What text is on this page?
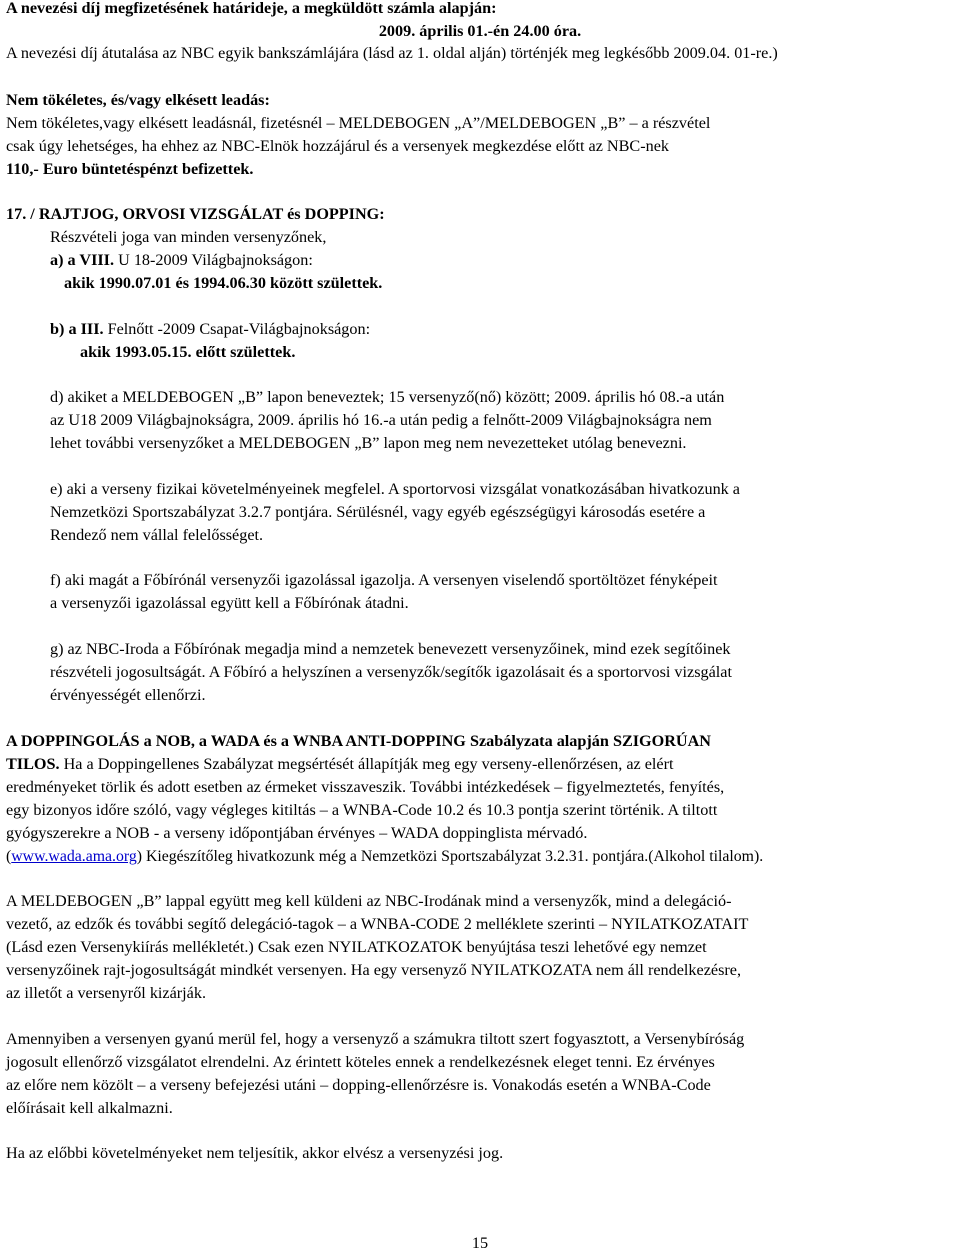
A nevezési díj megfizetésének határideje, a megküldött számla alapján:
2009. április 01.-én 24.00 óra.
A nevezési díj átutalása az NBC egyik bankszámlájára (lásd az 1. oldal alján) történjék meg legkésőbb 2009.04. 01-re.)
Nem tökéletes, és/vagy elkésett leadás:
Nem tökéletes,vagy elkésett leadásnál, fizetésnél – MELDEBOGEN „A”/MELDEBOGEN „B” – a részvétel
csak úgy lehetséges, ha ehhez az NBC-Elnök hozzájárul és a versenyek megkezdése előtt az NBC-nek
110,- Euro büntetéspénzt befizettek.
17. / RAJTJOG, ORVOSI VIZSGÁLAT és DOPPING:
Részvételi joga van minden versenyzőnek,
a) a VIII. U 18-2009 Világbajnokságon:
akik 1990.07.01 és 1994.06.30 között születtek.
b) a III. Felnőtt -2009 Csapat-Világbajnokságon:
akik 1993.05.15. előtt születtek.
d) akiket a MELDEBOGEN „B” lapon beneveztek; 15 versenyző(nő) között; 2009. április hó 08.-a után
az U18 2009 Világbajnokságra, 2009. április hó 16.-a után pedig a felnőtt-2009 Világbajnokságra nem
lehet további versenyzőket a MELDEBOGEN „B” lapon meg nem nevezetteket utólag benevezni.
e) aki a verseny fizikai követelményeinek megfelel. A sportorvosi vizsgálat vonatkozásában hivatkozunk a
Nemzetközi Sportszabályzat 3.2.7 pontjára. Sérülésnél, vagy egyéb egészségügyi károsodás esetére a
Rendező nem vállal felelősséget.
f) aki magát a Főbírónál versenyzői igazolással igazolja. A versenyen viselendő sportöltözet fényképeit
a versenyzői igazolással együtt kell a Főbírónak átadni.
g) az NBC-Iroda a Főbírónak megadja mind a nemzetek benevezett versenyzőinek, mind ezek segítőinek
részvételi jogosultságát. A Főbíró a helyszínen a versenyzők/segítők igazolásait és a sportorvosi vizsgálat
érvényességét ellenőrzi.
A DOPPINGOLÁS a NOB, a WADA és a WNBA ANTI-DOPPING Szabályzata alapján SZIGORÚAN
TILOS. Ha a Doppingellenes Szabályzat megsértését állapítják meg egy verseny-ellenőrzésen, az elért
eredményeket törlik és adott esetben az érmeket visszaveszik. További intézkedések – figyelmeztetés, fenyítés,
egy bizonyos időre szóló, vagy végleges kitiltás – a WNBA-Code 10.2 és 10.3 pontja szerint történik. A tiltott
gyógyszerekre a NOB - a verseny időpontjában érvényes – WADA doppinglista mérvadó.
(www.wada.ama.org) Kiegészítőleg hivatkozunk még a Nemzetközi Sportszabályzat 3.2.31. pontjára.(Alkohol tilalom).
A MELDEBOGEN „B” lappal együtt meg kell küldeni az NBC-Irodának mind a versenyzők, mind a delegáció-
vezető, az edzők és további segítő delegáció-tagok – a WNBA-CODE 2 melléklete szerinti – NYILATKOZATAIT
(Lásd ezen Versenykiírás mellékletét.) Csak ezen NYILATKOZATOK benyújtása teszi lehetővé egy nemzet
versenyzőinek rajt-jogosultságát mindkét versenyen. Ha egy versenyző NYILATKOZATA nem áll rendelkezésre,
az illetőt a versenyről kizárják.
Amennyiben a versenyen gyanú merül fel, hogy a versenyző a számukra tiltott szert fogyasztott, a Versenybíróság
jogosult ellenőrző vizsgálatot elrendelni. Az érintett köteles ennek a rendelkezésnek eleget tenni. Ez érvényes
az előre nem közölt – a verseny befejezési utáni – dopping-ellenőrzésre is. Vonakodás esetén a WNBA-Code
előírásait kell alkalmazni.
Ha az előbbi követelményeket nem teljesítik, akkor elvész a versenyzési jog.
15
